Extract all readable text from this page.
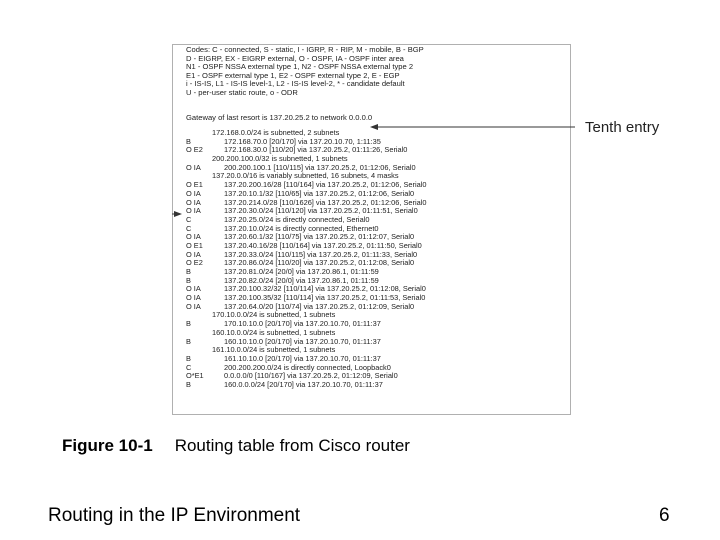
Codes: C - connected, S - static, I - IGRP, R - RIP, M - mobile, B - BGP
D - EIGRP, EX - EIGRP external, O - OSPF, IA - OSPF inter area
N1 - OSPF NSSA external type 1, N2 - OSPF NSSA external type 2
E1 - OSPF external type 1, E2 - OSPF external type 2, E - EGP
i - IS-IS, L1 - IS-IS level-1, L2 - IS-IS level-2, * - candidate default
U - per-user static route, o - ODR
Gateway of last resort is 137.20.25.2 to network 0.0.0.0
172.168.0.0/24 is subnetted, 2 subnets
B	172.168.70.0 [20/170] via 137.20.10.70, 1:11:35
O E2	172.168.30.0 [110/20] via 137.20.25.2, 01:11:26, Serial0
200.200.100.0/32 is subnetted, 1 subnets
O IA	200.200.100.1 [110/115] via 137.20.25.2, 01:12:06, Serial0
137.20.0.0/16 is variably subnetted, 16 subnets, 4 masks
O E1	137.20.200.16/28 [110/164] via 137.20.25.2, 01:12:06, Serial0
O IA	137.20.10.1/32 [110/65] via 137.20.25.2, 01:12:06, Serial0
O IA	137.20.214.0/28 [110/1626] via 137.20.25.2, 01:12:06, Serial0
O IA	137.20.30.0/24 [110/120] via 137.20.25.2, 01:11:51, Serial0
C	137.20.25.0/24 is directly connected, Serial0
C	137.20.10.0/24 is directly connected, Ethernet0
O IA	137.20.60.1/32 [110/75] via 137.20.25.2, 01:12:07, Serial0
O E1	137.20.40.16/28 [110/164] via 137.20.25.2, 01:11:50, Serial0
O IA	137.20.33.0/24 [110/115] via 137.20.25.2, 01:11:33, Serial0
O E2	137.20.86.0/24 [110/20] via 137.20.25.2, 01:12:08, Serial0
B	137.20.81.0/24 [20/0] via 137.20.86.1, 01:11:59
B	137.20.82.0/24 [20/0] via 137.20.86.1, 01:11:59
O IA	137.20.100.32/32 [110/114] via 137.20.25.2, 01:12:08, Serial0
O IA	137.20.100.35/32 [110/114] via 137.20.25.2, 01:11:53, Serial0
O IA	137.20.64.0/20 [110/74] via 137.20.25.2, 01:12:09, Serial0
170.10.0.0/24 is subnetted, 1 subnets
B	170.10.10.0 [20/170] via 137.20.10.70, 01:11:37
160.10.0.0/24 is subnetted, 1 subnets
B	160.10.10.0 [20/170] via 137.20.10.70, 01:11:37
161.10.0.0/24 is subnetted, 1 subnets
B	161.10.10.0 [20/170] via 137.20.10.70, 01:11:37
C	200.200.200.0/24 is directly connected, Loopback0
O*E1	0.0.0.0/0 [110/167] via 137.20.25.2, 01:12:09, Serial0
B	160.0.0.0/24 [20/170] via 137.20.10.70, 01:11:37
Tenth entry
Figure 10-1 Routing table from Cisco router
Routing in the IP Environment	6
